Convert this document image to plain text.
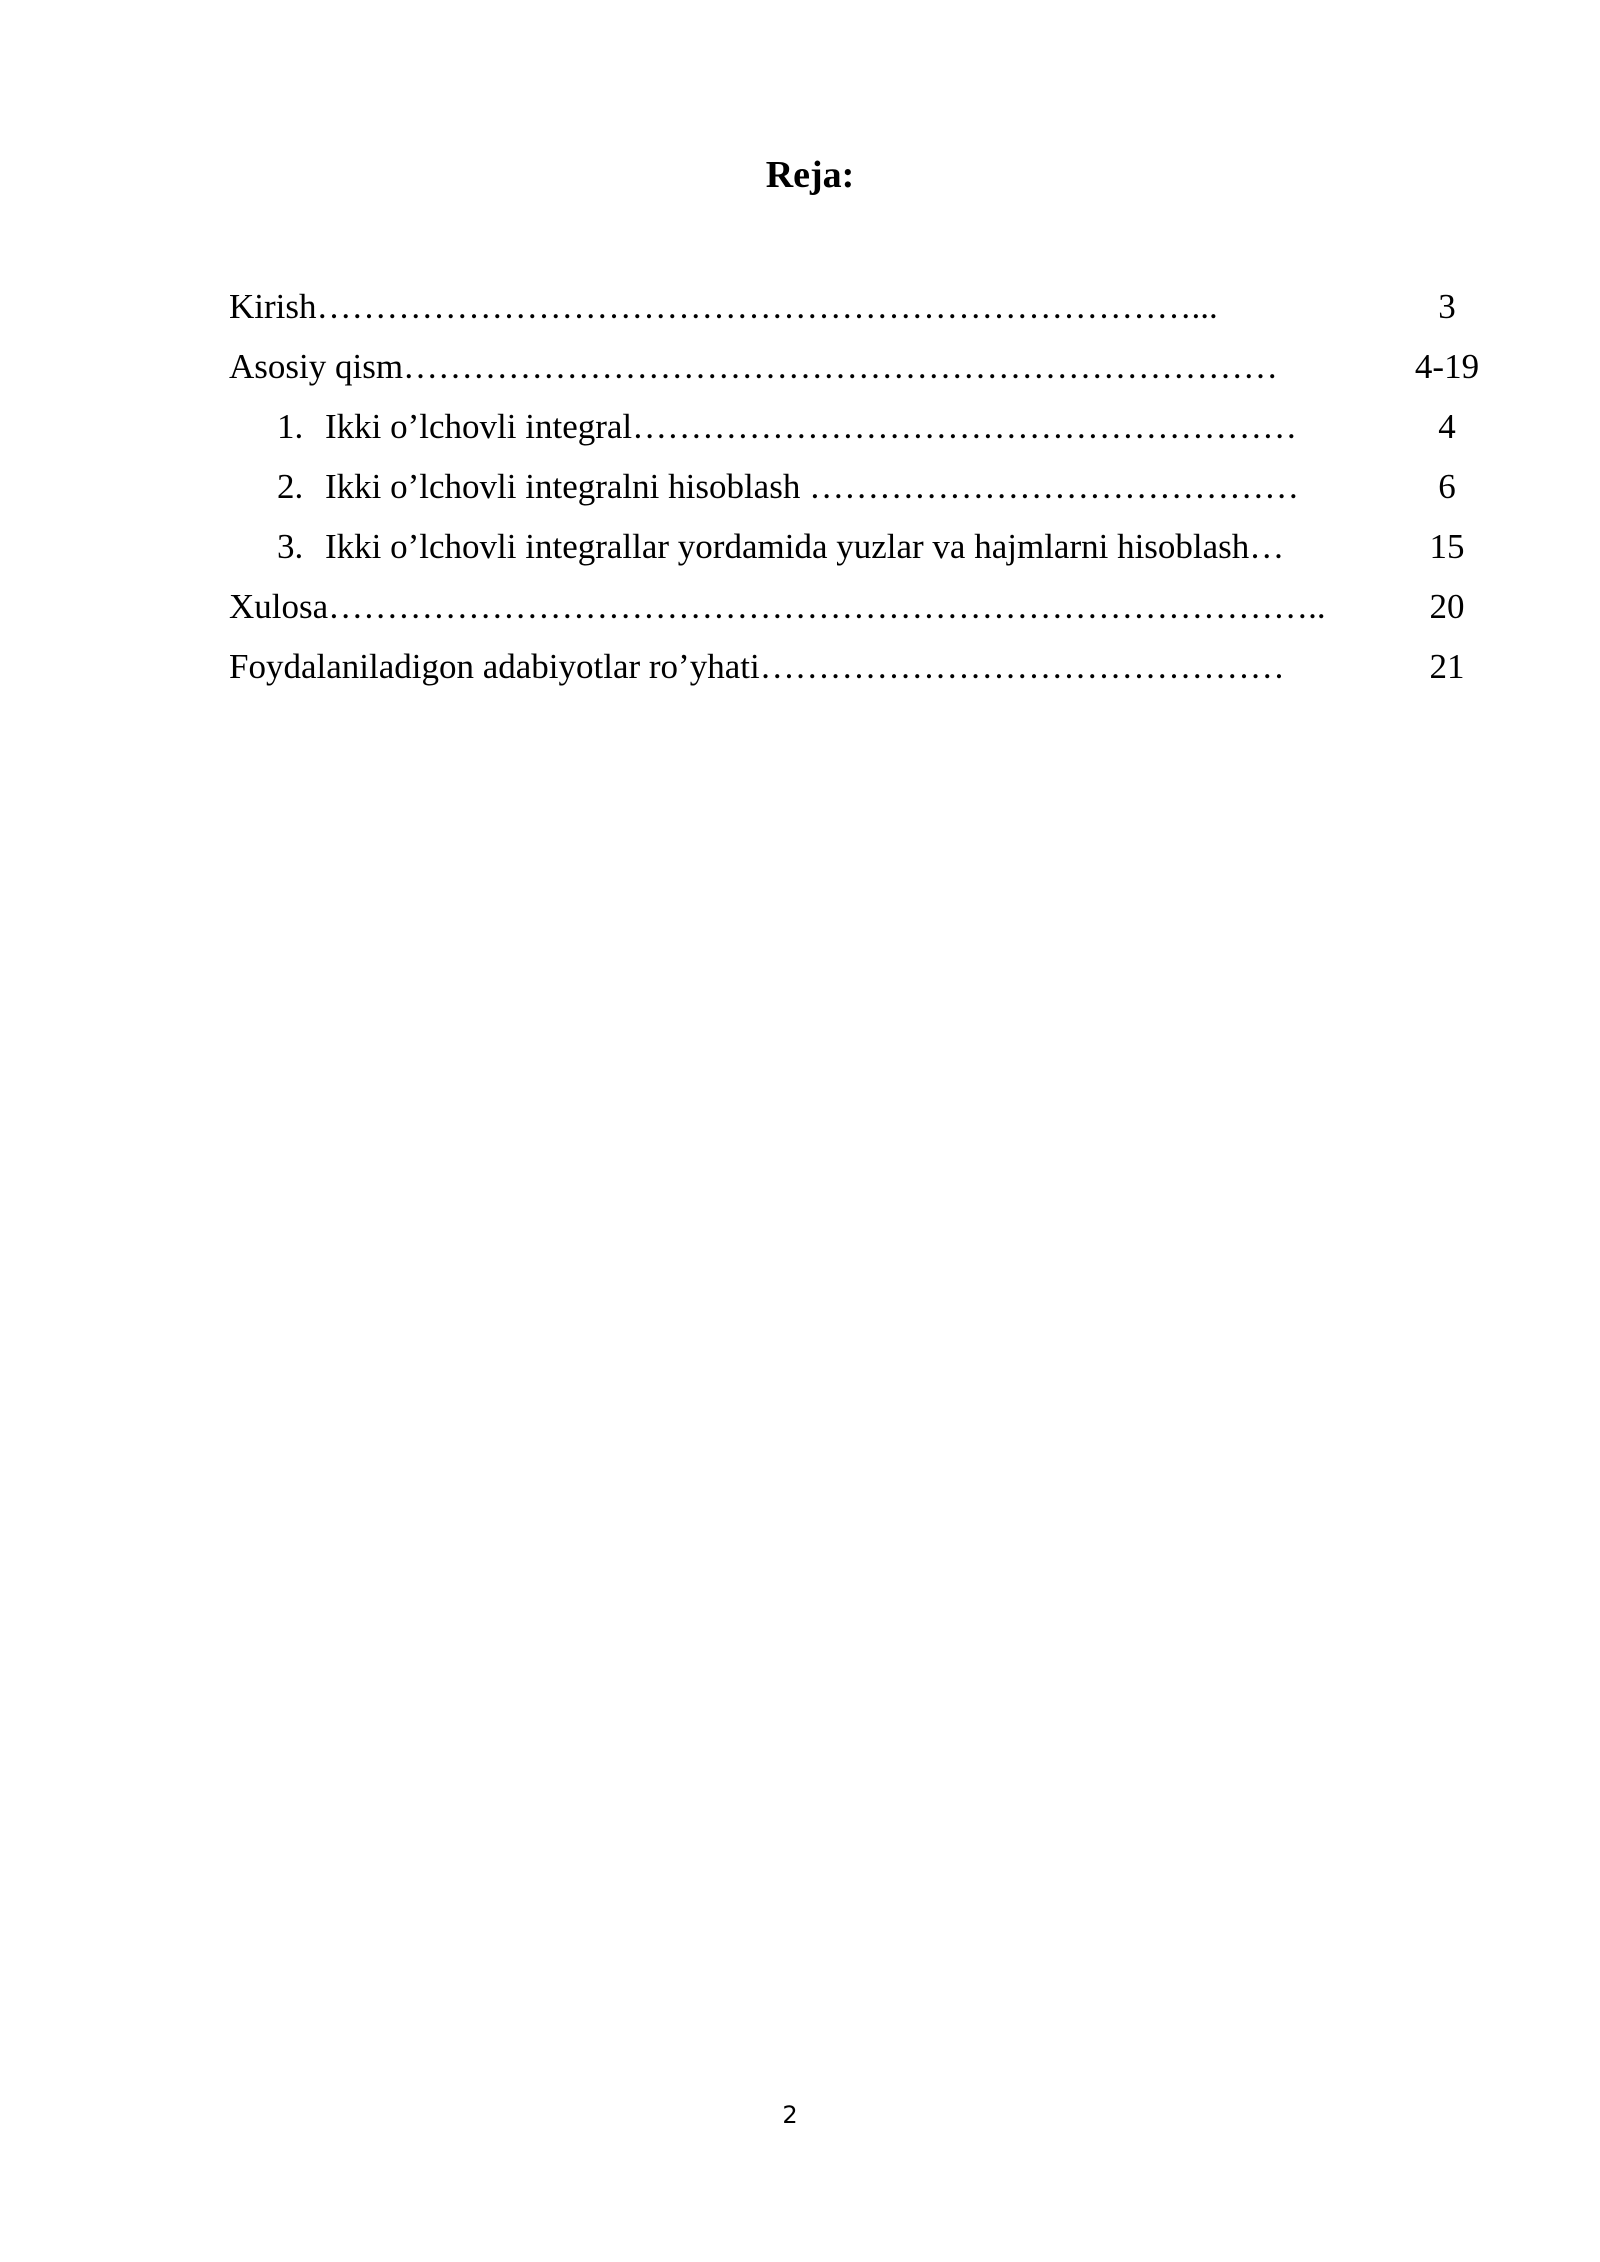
Reja:
Kirish…………………………………………………………………...	3
Asosiy qism…………………………………………………………………	4-19
1. Ikki o’lchovli integral…………………………………………………	4
2. Ikki o’lchovli integralni hisoblash ……………………………………	6
3. Ikki o’lchovli integrallar yordamida yuzlar va hajmlarni hisoblash…	15
Xulosa…………………………………………………………………………..	20
Foydalaniladigon adabiyotlar ro’yhati………………………………………	21
2
